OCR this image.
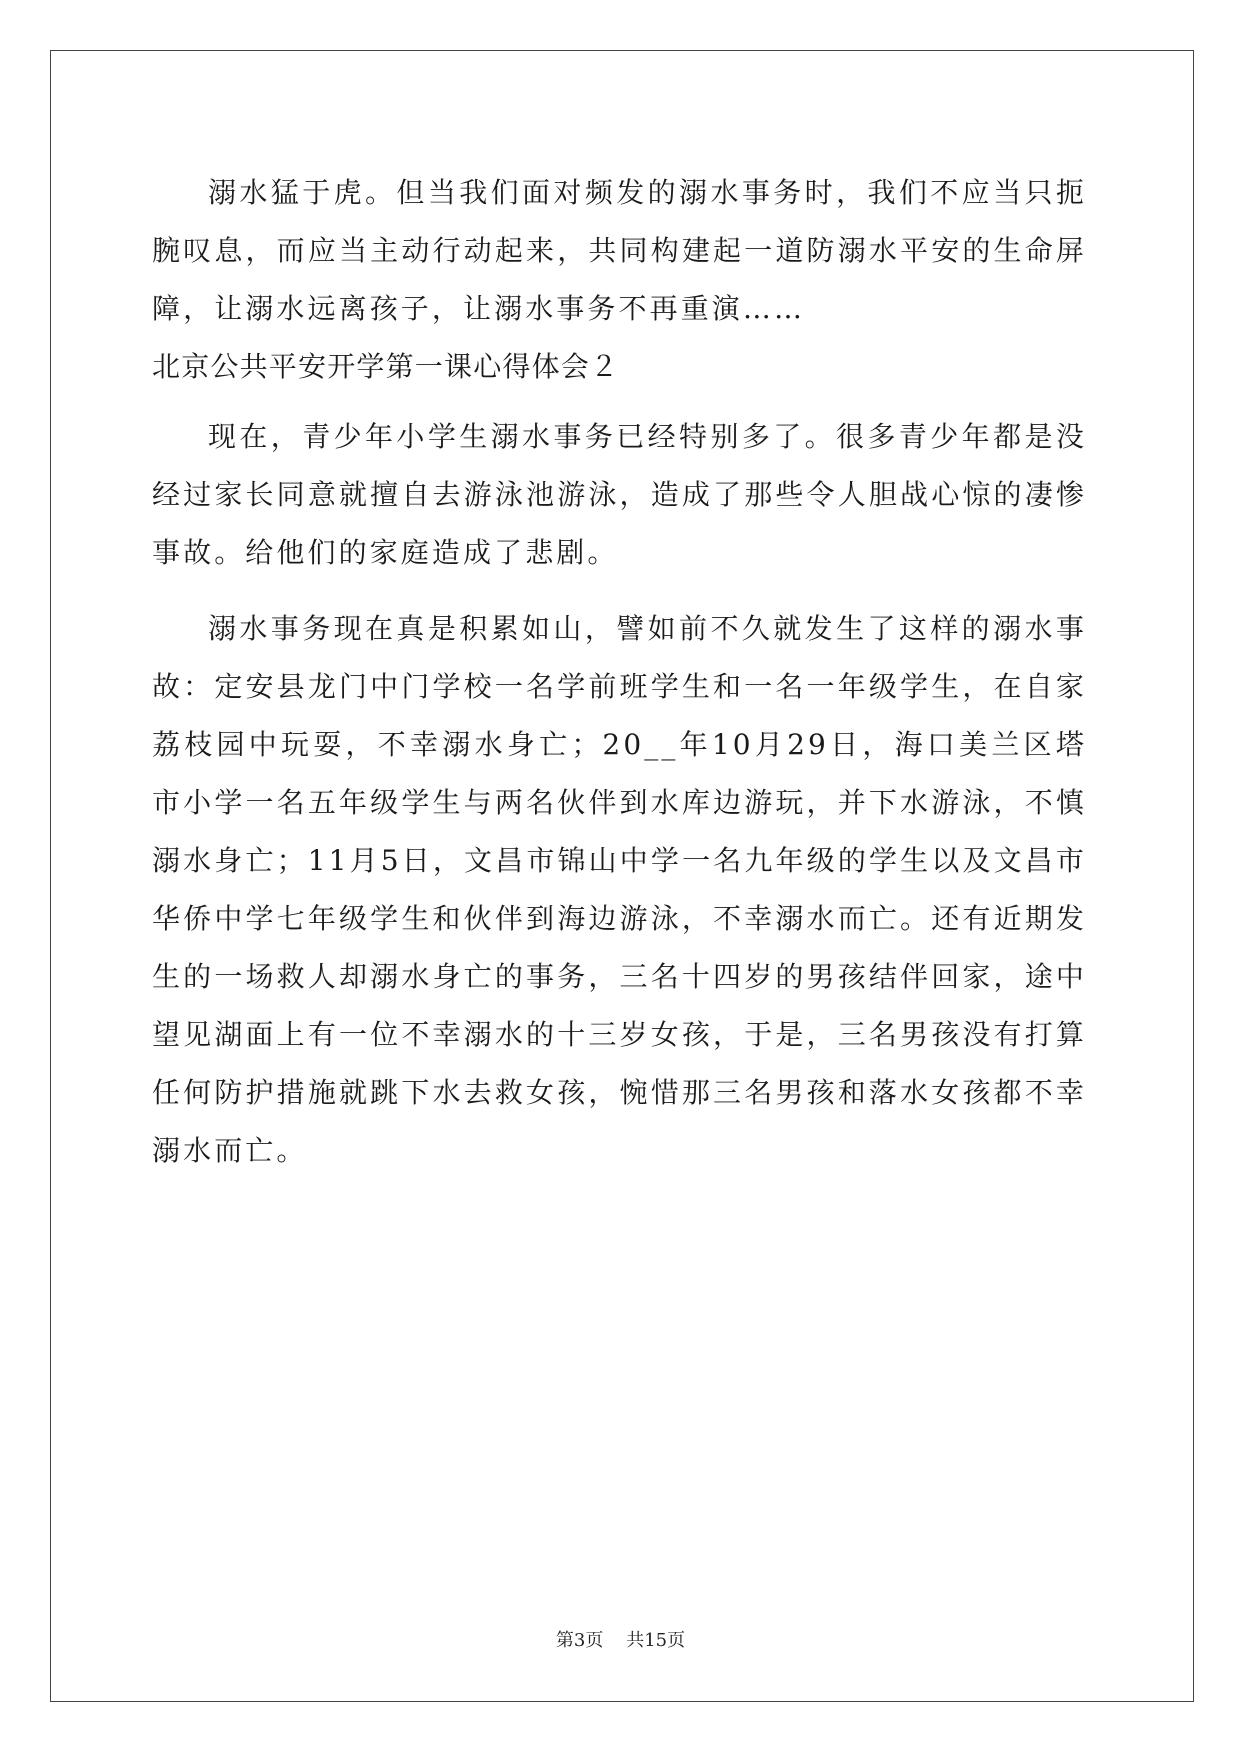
溺水猛于虎。但当我们面对频发的溺水事务时，我们不应当只扼腕叹息，而应当主动行动起来，共同构建起一道防溺水平安的生命屏障，让溺水远离孩子，让溺水事务不再重演……

北京公共平安开学第一课心得体会２

现在，青少年小学生溺水事务已经特别多了。很多青少年都是没经过家长同意就擅自去游泳池游泳，造成了那些令人胆战心惊的凄惨事故。给他们的家庭造成了悲剧。

溺水事务现在真是积累如山，譬如前不久就发生了这样的溺水事故：定安县龙门中门学校一名学前班学生和一名一年级学生，在自家荔枝园中玩耍，不幸溺水身亡；20__年10月29日，海口美兰区塔市小学一名五年级学生与两名伙伴到水库边游玩，并下水游泳，不慎溺水身亡；11月5日，文昌市锦山中学一名九年级的学生以及文昌市华侨中学七年级学生和伙伴到海边游泳，不幸溺水而亡。还有近期发生的一场救人却溺水身亡的事务，三名十四岁的男孩结伴回家，途中望见湖面上有一位不幸溺水的十三岁女孩，于是，三名男孩没有打算任何防护措施就跳下水去救女孩，惋惜那三名男孩和落水女孩都不幸溺水而亡。

第3页    共15页
